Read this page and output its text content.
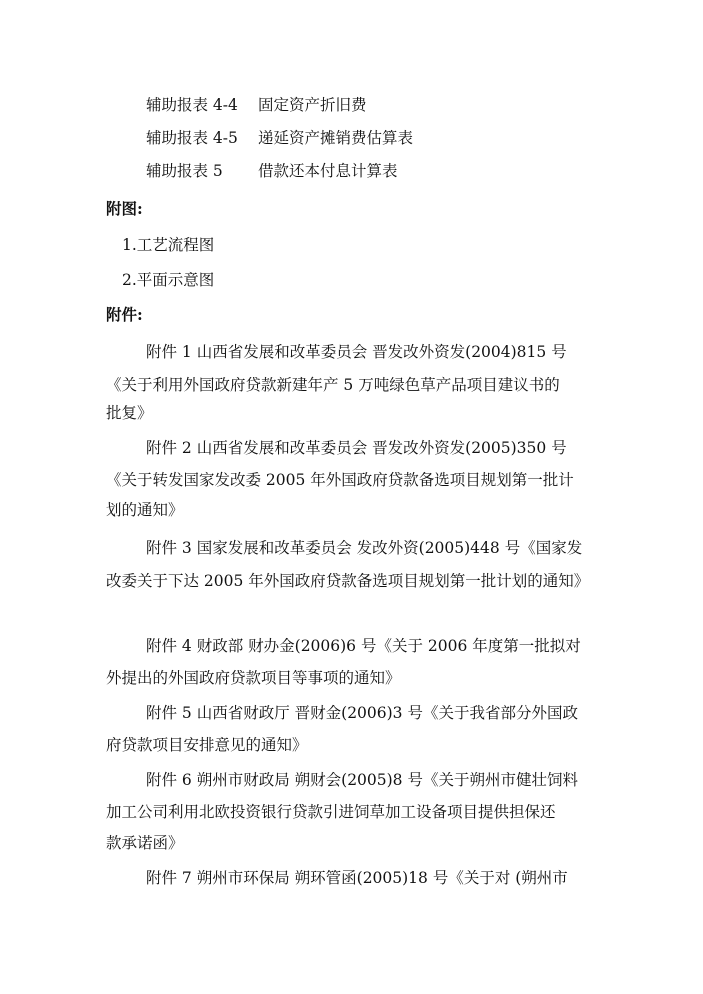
辅助报表 4-4 固定资产折旧费
辅助报表 4-5 递延资产摊销费估算表
辅助报表 5 借款还本付息计算表
附图:
1.工艺流程图
2.平面示意图
附件:
附件 1 山西省发展和改革委员会 晋发改外资发(2004)815 号
《关于利用外国政府贷款新建年产 5 万吨绿色草产品项目建议书的
批复》
附件 2 山西省发展和改革委员会 晋发改外资发(2005)350 号
《关于转发国家发改委 2005 年外国政府贷款备选项目规划第一批计
划的通知》
附件 3 国家发展和改革委员会 发改外资(2005)448 号《国家发
改委关于下达 2005 年外国政府贷款备选项目规划第一批计划的通知》
附件 4 财政部 财办金(2006)6 号《关于 2006 年度第一批拟对
外提出的外国政府贷款项目等事项的通知》
附件 5 山西省财政厅 晋财金(2006)3 号《关于我省部分外国政
府贷款项目安排意见的通知》
附件 6 朔州市财政局 朔财会(2005)8 号《关于朔州市健壮饲料
加工公司利用北欧投资银行贷款引进饲草加工设备项目提供担保还
款承诺函》
附件 7 朔州市环保局 朔环管函(2005)18 号《关于对 (朔州市
